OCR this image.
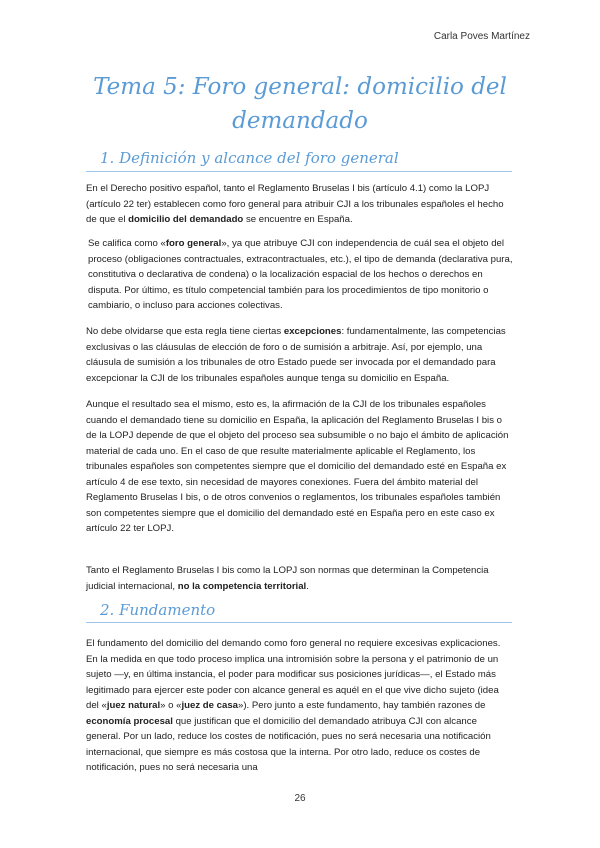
Carla Poves Martínez
Tema 5: Foro general: domicilio del
demandado
1. Definición y alcance del foro general
En el Derecho positivo español, tanto el Reglamento Bruselas I bis (artículo 4.1) como la LOPJ (artículo 22 ter) establecen como foro general para atribuir CJI a los tribunales españoles el hecho de que el domicilio del demandado se encuentre en España.
Se califica como «foro general», ya que atribuye CJI con independencia de cuál sea el objeto del proceso (obligaciones contractuales, extracontractuales, etc.), el tipo de demanda (declarativa pura, constitutiva o declarativa de condena) o la localización espacial de los hechos o derechos en disputa. Por último, es título competencial también para los procedimientos de tipo monitorio o cambiario, o incluso para acciones colectivas.
No debe olvidarse que esta regla tiene ciertas excepciones: fundamentalmente, las competencias exclusivas o las cláusulas de elección de foro o de sumisión a arbitraje. Así, por ejemplo, una cláusula de sumisión a los tribunales de otro Estado puede ser invocada por el demandado para excepcionar la CJI de los tribunales españoles aunque tenga su domicilio en España.
Aunque el resultado sea el mismo, esto es, la afirmación de la CJI de los tribunales españoles cuando el demandado tiene su domicilio en España, la aplicación del Reglamento Bruselas I bis o de la LOPJ depende de que el objeto del proceso sea subsumible o no bajo el ámbito de aplicación material de cada uno. En el caso de que resulte materialmente aplicable el Reglamento, los tribunales españoles son competentes siempre que el domicilio del demandado esté en España ex artículo 4 de ese texto, sin necesidad de mayores conexiones. Fuera del ámbito material del Reglamento Bruselas I bis, o de otros convenios o reglamentos, los tribunales españoles también son competentes siempre que el domicilio del demandado esté en España pero en este caso ex artículo 22 ter LOPJ.
Tanto el Reglamento Bruselas I bis como la LOPJ son normas que determinan la Competencia judicial internacional, no la competencia territorial.
2. Fundamento
El fundamento del domicilio del demando como foro general no requiere excesivas explicaciones. En la medida en que todo proceso implica una intromisión sobre la persona y el patrimonio de un sujeto —y, en última instancia, el poder para modificar sus posiciones jurídicas—, el Estado más legitimado para ejercer este poder con alcance general es aquél en el que vive dicho sujeto (idea del «juez natural» o «juez de casa»). Pero junto a este fundamento, hay también razones de economía procesal que justifican que el domicilio del demandado atribuya CJI con alcance general. Por un lado, reduce los costes de notificación, pues no será necesaria una notificación internacional, que siempre es más costosa que la interna. Por otro lado, reduce os costes de notificación, pues no será necesaria una
26
